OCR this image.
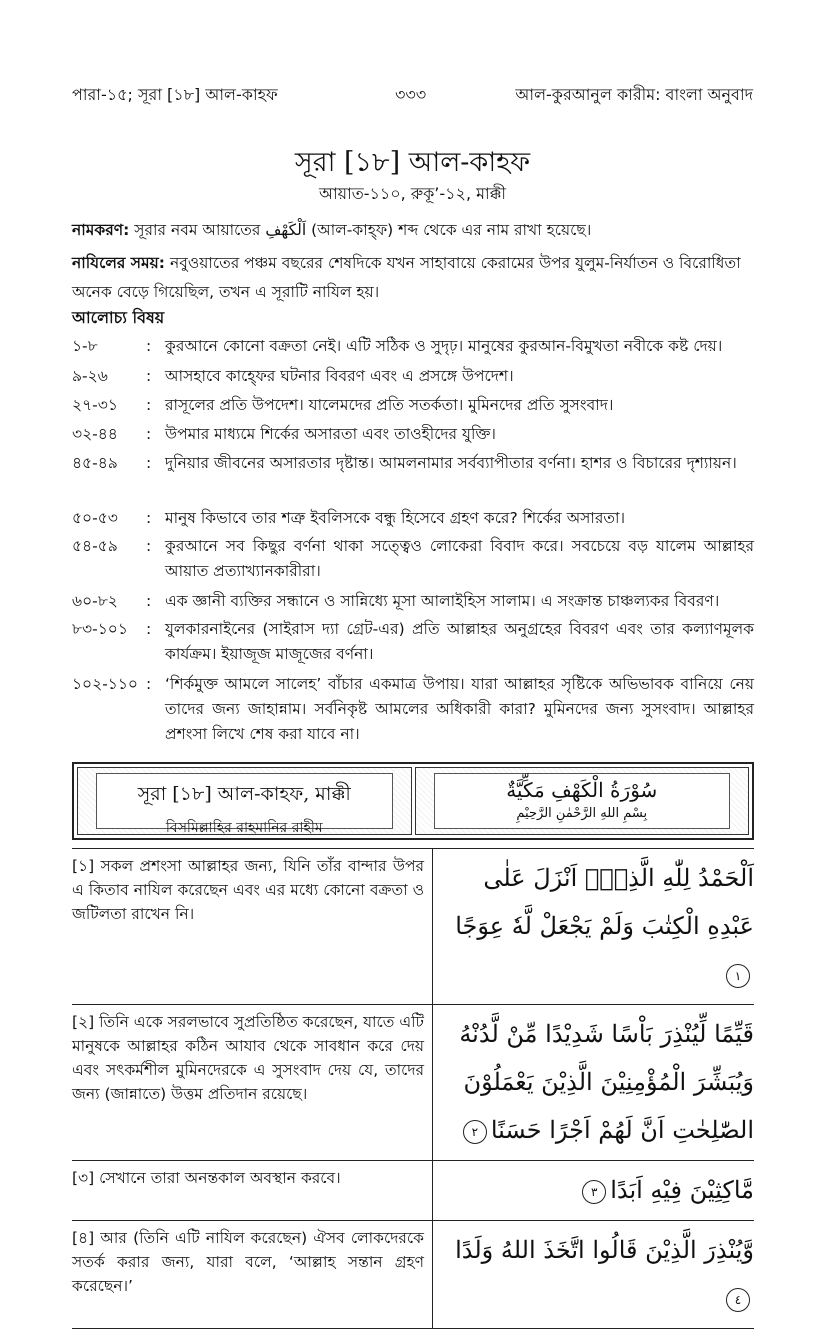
পারা-১৫; সূরা [১৮] আল-কাহফ	৩৩৩	আল-কুরআনুল কারীম: বাংলা অনুবাদ
সূরা [১৮] আল-কাহফ
আয়াত-১১০, রুকূ’-১২, মাক্কী
নামকরণ: সূরার নবম আয়াতের اَلْكَهْفِ (আল-কাহ্ফ) শব্দ থেকে এর নাম রাখা হয়েছে।
নাযিলের সময়: নবুওয়াতের পঞ্চম বছরের শেষদিকে যখন সাহাবায়ে কেরামের উপর যুলুম-নির্যাতন ও বিরোধিতা অনেক বেড়ে গিয়েছিল, তখন এ সূরাটি নাযিল হয়।
আলোচ্য বিষয়
১-৮	: কুরআনে কোনো বক্রতা নেই। এটি সঠিক ও সুদৃঢ়। মানুষের কুরআন-বিমুখতা নবীকে কষ্ট দেয়।
৯-২৬	: আসহাবে কাহ্ফের ঘটনার বিবরণ এবং এ প্রসঙ্গে উপদেশ।
২৭-৩১	: রাসূলের প্রতি উপদেশ। যালেমদের প্রতি সতর্কতা। মুমিনদের প্রতি সুসংবাদ।
৩২-৪৪	: উপমার মাধ্যমে শির্কের অসারতা এবং তাওহীদের যুক্তি।
৪৫-৪৯	: দুনিয়ার জীবনের অসারতার দৃষ্টান্ত। আমলনামার সর্বব্যাপীতার বর্ণনা। হাশর ও বিচারের দৃশ্যায়ন।
৫০-৫৩	: মানুষ কিভাবে তার শত্রু ইবলিসকে বন্ধু হিসেবে গ্রহণ করে? শির্কের অসারতা।
৫৪-৫৯	: কুরআনে সব কিছুর বর্ণনা থাকা সত্ত্বেও লোকেরা বিবাদ করে। সবচেয়ে বড় যালেম আল্লাহর আয়াত প্রত্যাখ্যানকারীরা।
৬০-৮২	: এক জ্ঞানী ব্যক্তির সন্ধানে ও সান্নিধ্যে মূসা আলাইহিস সালাম। এ সংক্রান্ত চাঞ্চল্যকর বিবরণ।
৮৩-১০১	: যুলকারনাইনের (সাইরাস দ্যা গ্রেট-এর) প্রতি আল্লাহর অনুগ্রহের বিবরণ এবং তার কল্যাণমূলক কার্যক্রম। ইয়াজূজ মাজূজের বর্ণনা।
১০২-১১০ : ‘শির্কমুক্ত আমলে সালেহ’ বাঁচার একমাত্র উপায়। যারা আল্লাহর সৃষ্টিকে অভিভাবক বানিয়ে নেয় তাদের জন্য জাহান্নাম। সর্বনিকৃষ্ট আমলের অধিকারী কারা? মুমিনদের জন্য সুসংবাদ। আল্লাহর প্রশংসা লিখে শেষ করা যাবে না।
সূরা [১৮] আল-কাহফ, মাক্কী
বিসমিল্লাহির রাহমানির রাহীম
سُوْرَةُ الْكَهْفِ مَكِّيَّةٌ
بِسْمِ اللهِ الرَّحْمٰنِ الرَّحِيْمِ
[১] সকল প্রশংসা আল্লাহর জন্য, যিনি তাঁর বান্দার উপর এ কিতাব নাযিল করেছেন এবং এর মধ্যে কোনো বক্রতা ও জটিলতা রাখেন নি।		اَلْحَمْدُ لِلّٰهِ الَّذِيْۤ اَنْزَلَ عَلٰى عَبْدِهِ الْكِتٰبَ وَلَمْ يَجْعَلْ لَّهٗ عِوَجًا١
[২] তিনি একে সরলভাবে সুপ্রতিষ্ঠিত করেছেন, যাতে এটি মানুষকে আল্লাহর কঠিন আযাব থেকে সাবধান করে দেয় এবং সৎকর্মশীল মুমিনদেরকে এ সুসংবাদ দেয় যে, তাদের জন্য (জান্নাতে) উত্তম প্রতিদান রয়েছে।		قَيِّمًا لِّيُنْذِرَ بَاْسًا شَدِيْدًا مِّنْ لَّدُنْهُ وَيُبَشِّرَ الْمُؤْمِنِيْنَ الَّذِيْنَ يَعْمَلُوْنَ الصّٰلِحٰتِ اَنَّ لَهُمْ اَجْرًا حَسَنًا٢
[৩] সেখানে তারা অনন্তকাল অবস্থান করবে।		مَّاكِثِيْنَ فِيْهِ اَبَدًا٣
[৪] আর (তিনি এটি নাযিল করেছেন) ঐসব লোকদেরকে সতর্ক করার জন্য, যারা বলে, ‘আল্লাহ সন্তান গ্রহণ করেছেন।’		وَّيُنْذِرَ الَّذِيْنَ قَالُوا اتَّخَذَ اللهُ وَلَدًا٤
